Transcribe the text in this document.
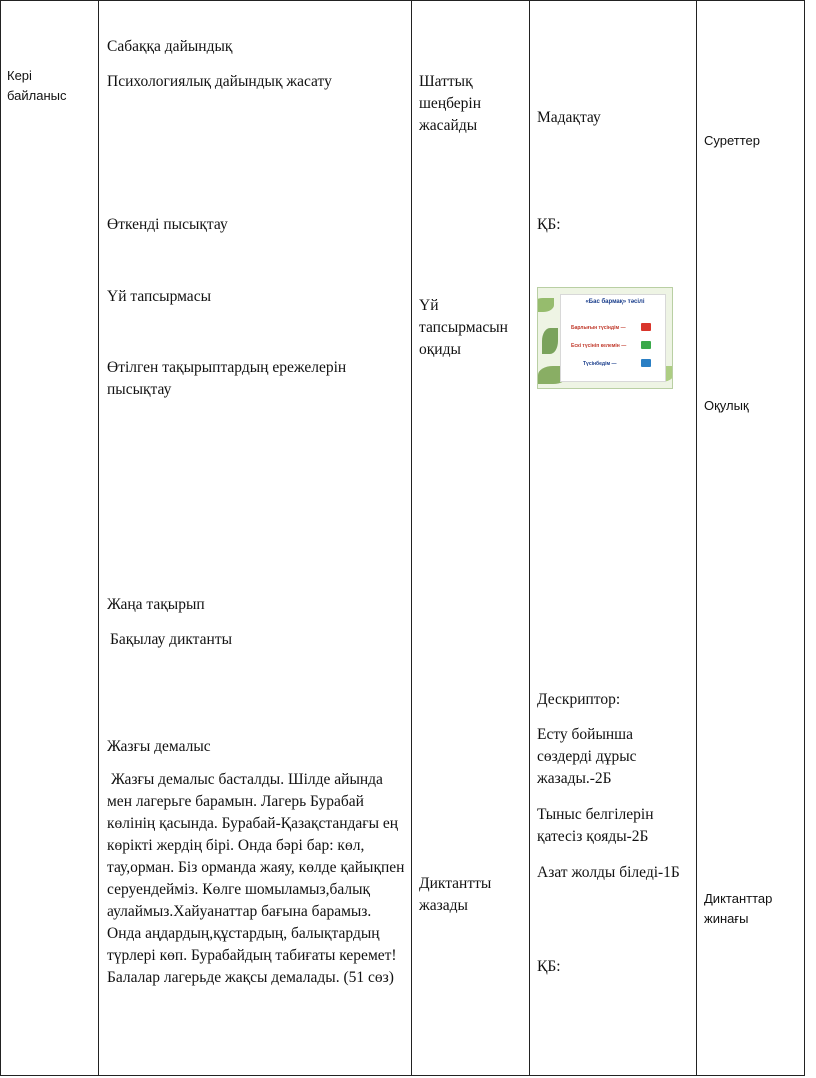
Кері байланыс
Сабаққа дайындық
Психологиялық дайындық жасату
Өткенді пысықтау
Үй тапсырмасы
Өтілген тақырыптардың ережелерін пысықтау
Жаңа тақырып
Бақылау диктанты
Жазғы демалыс
Жазғы демалыс басталды. Шілде айында мен лагерьге барамын. Лагерь Бурабай көлінің қасында. Бурабай-Қазақстандағы ең көрікті жердің бірі. Онда бәрі бар: көл, тау,орман. Біз орманда жаяу, көлде қайықпен серуендейміз. Көлге шомыламыз,балық аулаймыз.Хайуанаттар бағына барамыз. Онда аңдардың,құстардың, балықтардың түрлері көп. Бурабайдың табиғаты керемет! Балалар лагерьде жақсы демалады. (51 сөз)
Шаттық шеңберін жасайды
Үй тапсырмасын оқиды
Диктантты жазады
Мадақтау
ҚБ:
«Бас бармақ» тәсілі
Барлығын түсіндім —
Ескі түсініп келемін —
Түсінбедім —
Дескриптор:
Есту бойынша сөздерді дұрыс жазады.-2Б
Тыныс белгілерін қатесіз қояды-2Б
Азат жолды біледі-1Б
ҚБ:
Суреттер
Оқулық
Диктанттар жинағы
